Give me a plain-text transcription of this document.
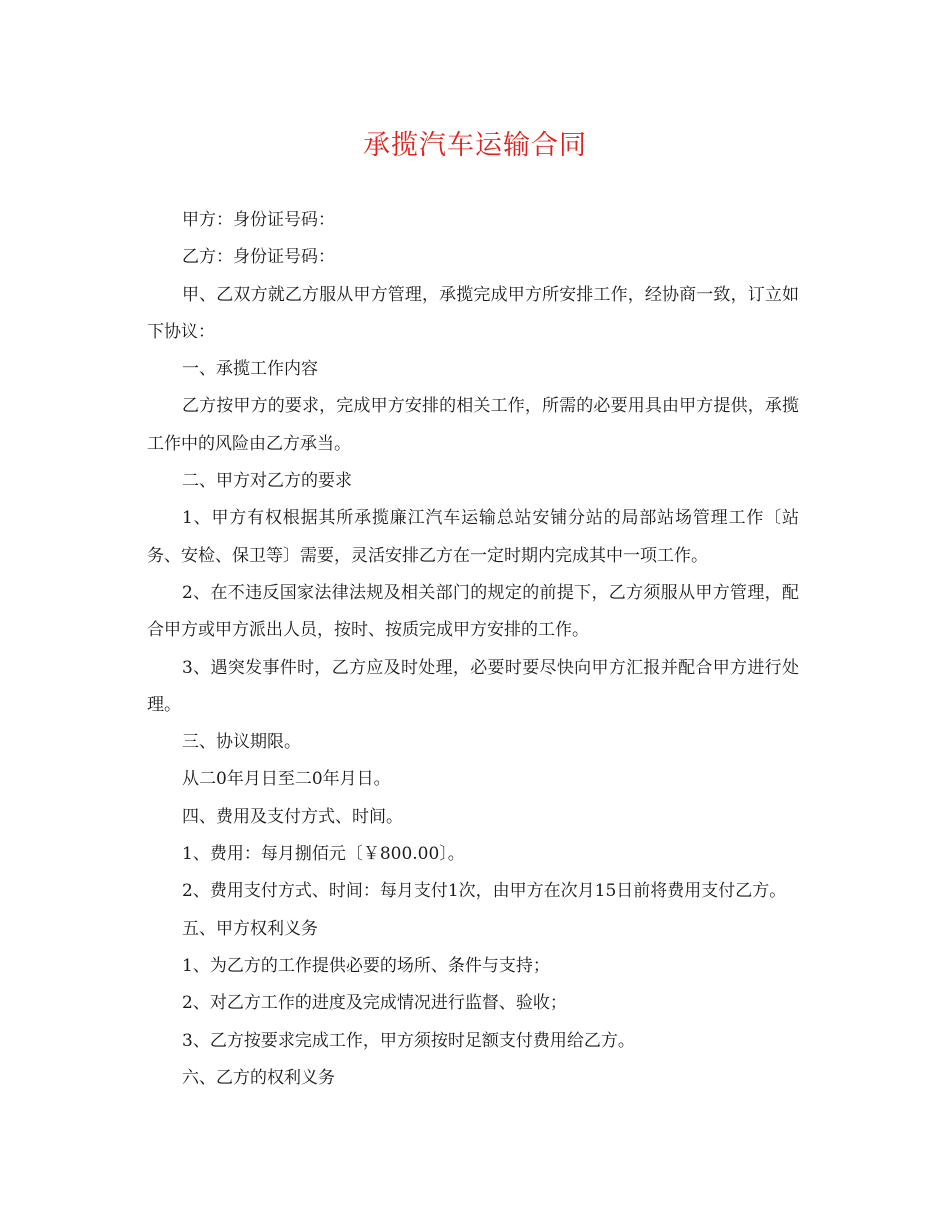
承揽汽车运输合同

甲方：身份证号码：

乙方：身份证号码：

甲、乙双方就乙方服从甲方管理，承揽完成甲方所安排工作，经协商一致，订立如下协议：

一、承揽工作内容

乙方按甲方的要求，完成甲方安排的相关工作，所需的必要用具由甲方提供，承揽工作中的风险由乙方承当。

二、甲方对乙方的要求

1、甲方有权根据其所承揽廉江汽车运输总站安铺分站的局部站场管理工作〔站务、安检、保卫等〕需要，灵活安排乙方在一定时期内完成其中一项工作。

2、在不违反国家法律法规及相关部门的规定的前提下，乙方须服从甲方管理，配合甲方或甲方派出人员，按时、按质完成甲方安排的工作。

3、遇突发事件时，乙方应及时处理，必要时要尽快向甲方汇报并配合甲方进行处理。

三、协议期限。

从二0年月日至二0年月日。

四、费用及支付方式、时间。

1、费用：每月捌佰元〔￥800.00〕。

2、费用支付方式、时间：每月支付1次，由甲方在次月15日前将费用支付乙方。

五、甲方权利义务

1、为乙方的工作提供必要的场所、条件与支持；

2、对乙方工作的进度及完成情况进行监督、验收；

3、乙方按要求完成工作，甲方须按时足额支付费用给乙方。

六、乙方的权利义务
